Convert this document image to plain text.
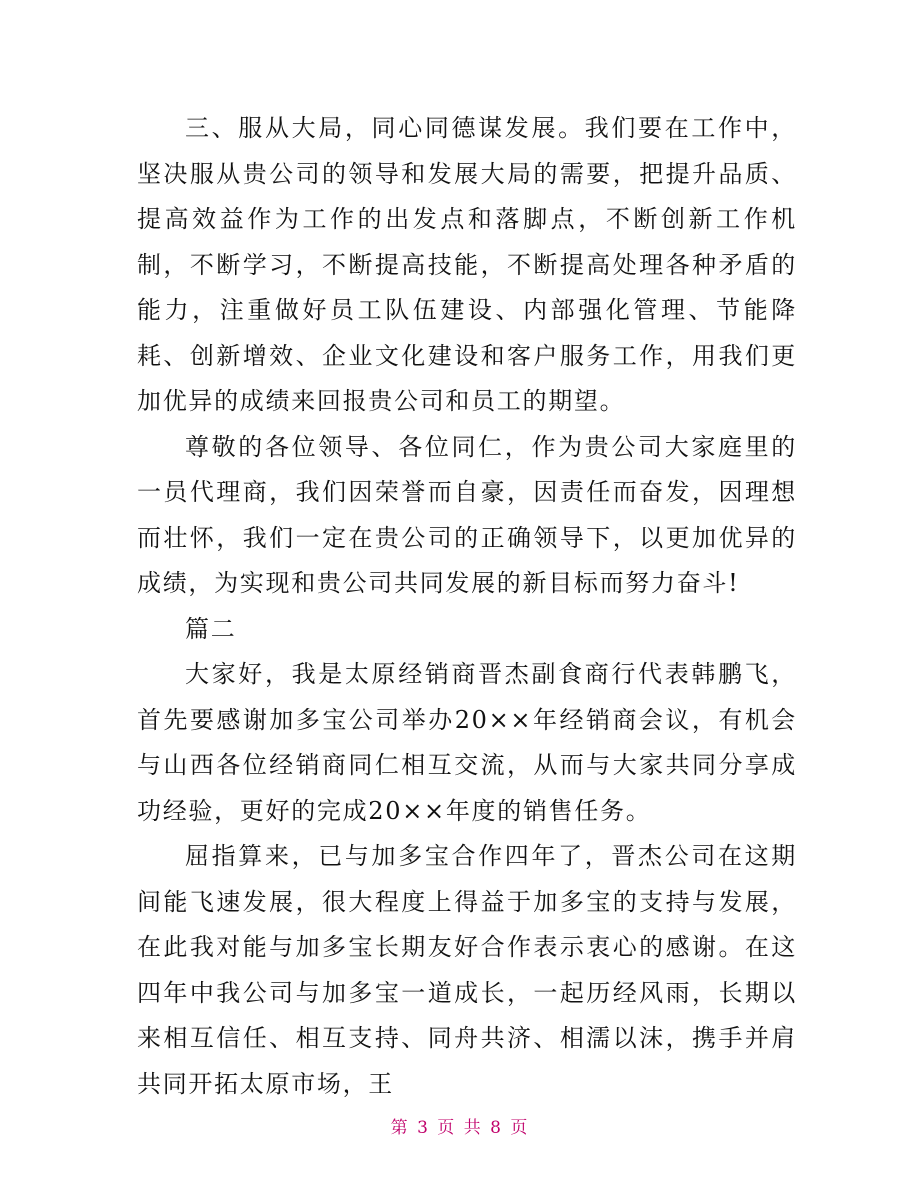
三、服从大局，同心同德谋发展。我们要在工作中，坚决服从贵公司的领导和发展大局的需要，把提升品质、提高效益作为工作的出发点和落脚点，不断创新工作机制，不断学习，不断提高技能，不断提高处理各种矛盾的能力，注重做好员工队伍建设、内部强化管理、节能降耗、创新增效、企业文化建设和客户服务工作，用我们更加优异的成绩来回报贵公司和员工的期望。

尊敬的各位领导、各位同仁，作为贵公司大家庭里的一员代理商，我们因荣誉而自豪，因责任而奋发，因理想而壮怀，我们一定在贵公司的正确领导下，以更加优异的成绩，为实现和贵公司共同发展的新目标而努力奋斗!

篇二

大家好，我是太原经销商晋杰副食商行代表韩鹏飞，首先要感谢加多宝公司举办20××年经销商会议，有机会与山西各位经销商同仁相互交流，从而与大家共同分享成功经验，更好的完成20××年度的销售任务。

屈指算来，已与加多宝合作四年了，晋杰公司在这期间能飞速发展，很大程度上得益于加多宝的支持与发展，在此我对能与加多宝长期友好合作表示衷心的感谢。在这四年中我公司与加多宝一道成长，一起历经风雨，长期以来相互信任、相互支持、同舟共济、相濡以沫，携手并肩共同开拓太原市场，王

第 3 页 共 8 页
